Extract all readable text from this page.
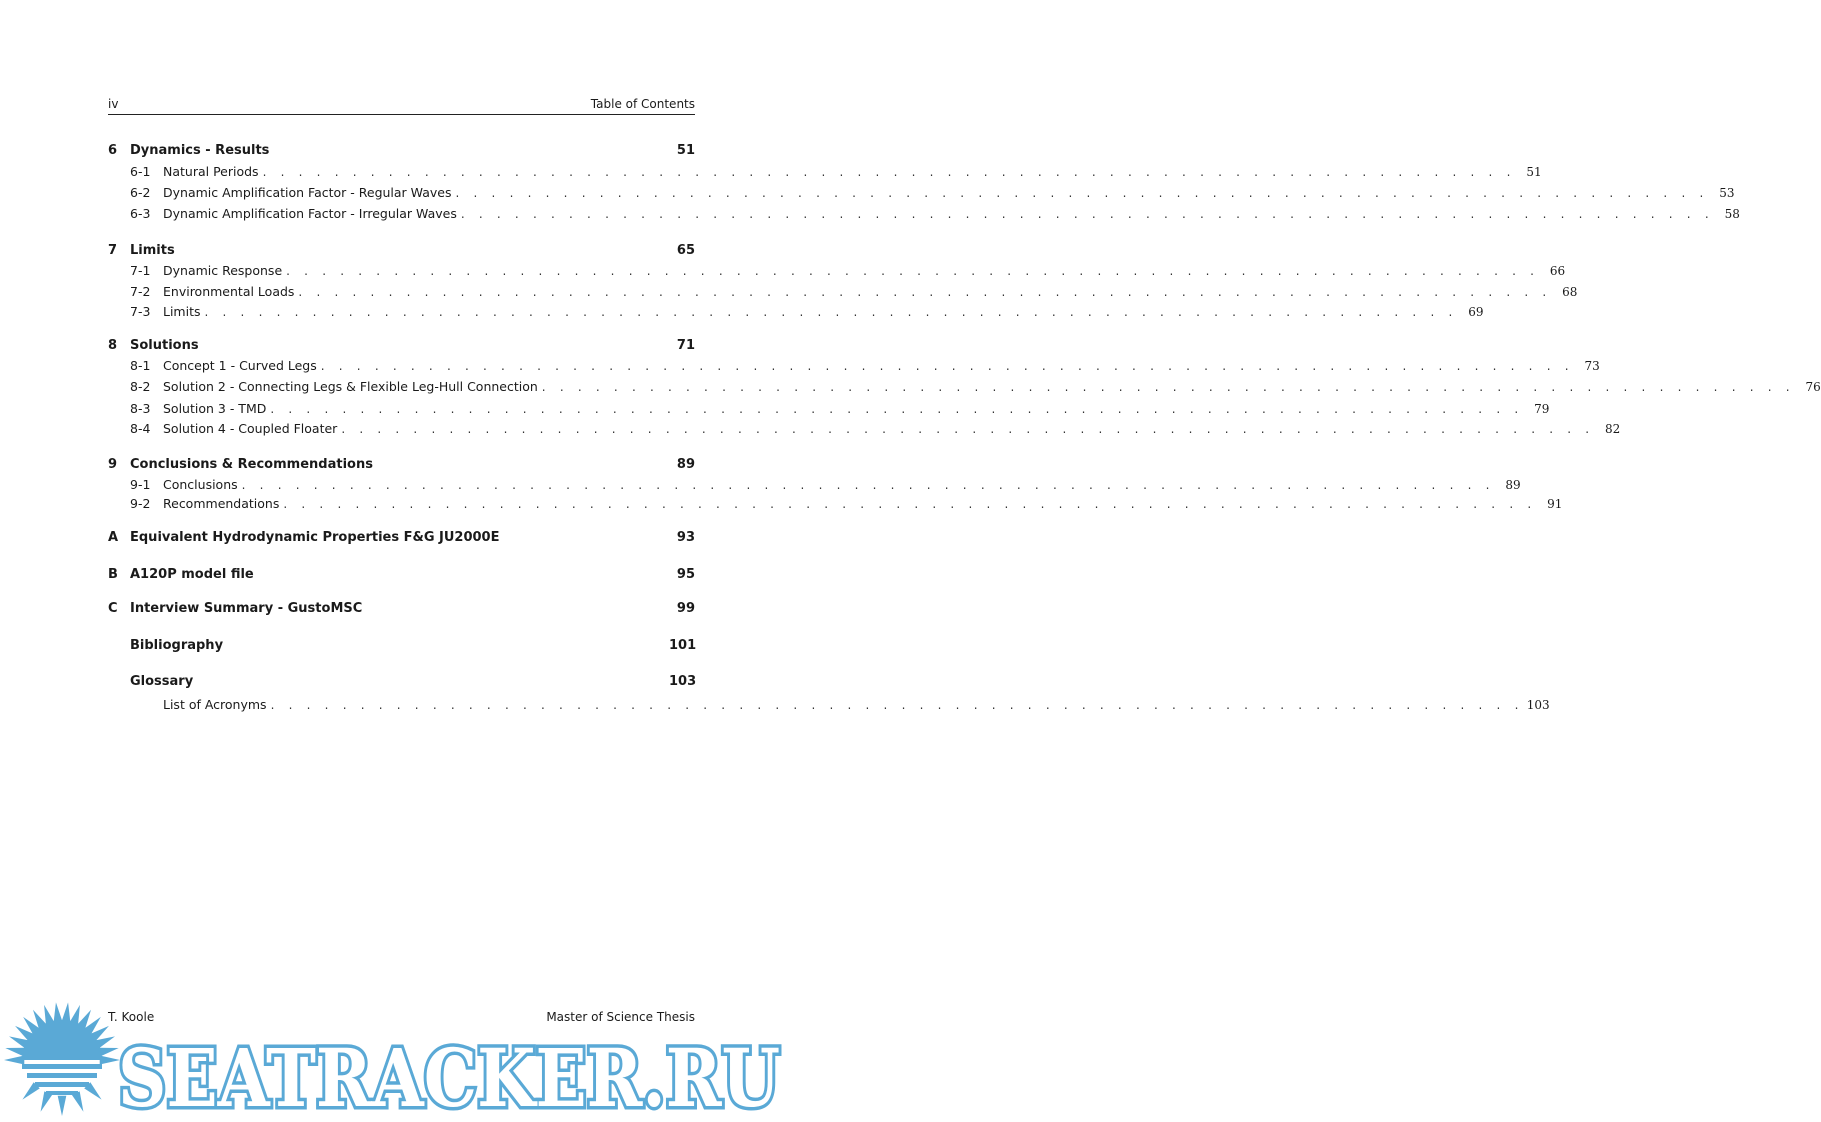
iv	Table of Contents
6 Dynamics - Results	51
6-1	Natural Periods . . . . . . . . . . . . . . . . . . . . . . . . . . . . . . . . . . . . . . . . . . . . . . . . . . . . . . . . . . . . . . . . . . . . . . 51
6-2	Dynamic Amplification Factor - Regular Waves . . . . . . . . . . . . . . . . . . . . . . . . . . . . . . . . . . . . . . . . . . . . . . . . . . . . . . . . . . . . . . . . . . . . . . 53
6-3	Dynamic Amplification Factor - Irregular Waves . . . . . . . . . . . . . . . . . . . . . . . . . . . . . . . . . . . . . . . . . . . . . . . . . . . . . . . . . . . . . . . . . . . . . . 58
7 Limits	65
7-1	Dynamic Response . . . . . . . . . . . . . . . . . . . . . . . . . . . . . . . . . . . . . . . . . . . . . . . . . . . . . . . . . . . . . . . . . . . . . . 66
7-2	Environmental Loads . . . . . . . . . . . . . . . . . . . . . . . . . . . . . . . . . . . . . . . . . . . . . . . . . . . . . . . . . . . . . . . . . . . . . . 68
7-3	Limits . . . . . . . . . . . . . . . . . . . . . . . . . . . . . . . . . . . . . . . . . . . . . . . . . . . . . . . . . . . . . . . . . . . . . . 69
8 Solutions	71
8-1	Concept 1 - Curved Legs . . . . . . . . . . . . . . . . . . . . . . . . . . . . . . . . . . . . . . . . . . . . . . . . . . . . . . . . . . . . . . . . . . . . . . 73
8-2	Solution 2 - Connecting Legs & Flexible Leg-Hull Connection . . . . . . . . . . . . . . . . . . . . . . . . . . . . . . . . . . . . . . . . . . . . . . . . . . . . . . . . . . . . . . . . . . . . . . 76
8-3	Solution 3 - TMD . . . . . . . . . . . . . . . . . . . . . . . . . . . . . . . . . . . . . . . . . . . . . . . . . . . . . . . . . . . . . . . . . . . . . . 79
8-4	Solution 4 - Coupled Floater . . . . . . . . . . . . . . . . . . . . . . . . . . . . . . . . . . . . . . . . . . . . . . . . . . . . . . . . . . . . . . . . . . . . . . 82
9 Conclusions & Recommendations	89
9-1	Conclusions . . . . . . . . . . . . . . . . . . . . . . . . . . . . . . . . . . . . . . . . . . . . . . . . . . . . . . . . . . . . . . . . . . . . . . 89
9-2	Recommendations . . . . . . . . . . . . . . . . . . . . . . . . . . . . . . . . . . . . . . . . . . . . . . . . . . . . . . . . . . . . . . . . . . . . . . 91
A Equivalent Hydrodynamic Properties F&G JU2000E	93
B A120P model file	95
C Interview Summary - GustoMSC	99
Bibliography	101
Glossary	103
List of Acronyms . . . . . . . . . . . . . . . . . . . . . . . . . . . . . . . . . . . . . . . . . . . . . . . . . . . . . . . . . . . . . . . . . . . . . . 103
T. Koole	Master of Science Thesis
SEATRACKER.RU
